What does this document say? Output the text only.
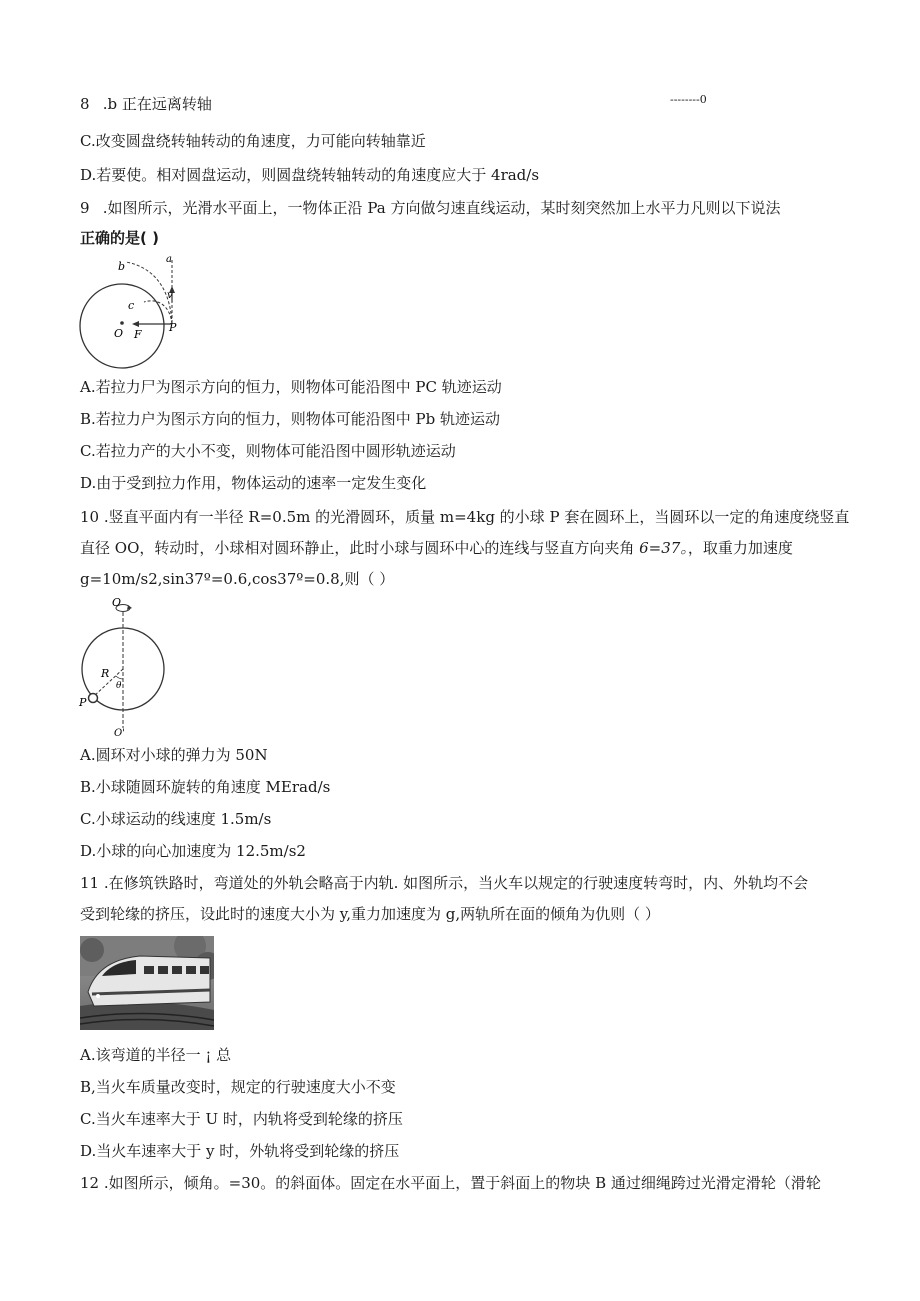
8 .b 正在远离转轴	--------0
C.改变圆盘绕转轴转动的角速度，力可能向转轴靠近
D.若要使。相对圆盘运动，则圆盘绕转轴转动的角速度应大于 4rad/s
9 .如图所示，光滑水平面上，一物体正沿 Pa 方向做匀速直线运动，某时刻突然加上水平力凡则以下说法
正确的是( )
b
a
v
c
O F
P
A.若拉力尸为图示方向的恒力，则物体可能沿图中 PC 轨迹运动
B.若拉力户为图示方向的恒力，则物体可能沿图中 Pb 轨迹运动
C.若拉力产的大小不变，则物体可能沿图中圆形轨迹运动
D.由于受到拉力作用，物体运动的速率一定发生变化
10 .竖直平面内有一半径 R=0.5m 的光滑圆环，质量 m=4kg 的小球 P 套在圆环上，当圆环以一定的角速度绕竖直
直径 OO，转动时，小球相对圆环静止，此时小球与圆环中心的连线与竖直方向夹角 6=37。，取重力加速度
g=10m∕s2,sin37º=0.6,cos37º=0.8,则（ ）
O
R
θ
P
O'
A.圆环对小球的弹力为 50N
B.小球随圆环旋转的角速度 MErad/s
C.小球运动的线速度 1.5m/s
D.小球的向心加速度为 12.5m∕s2
11 .在修筑铁路时，弯道处的外轨会略高于内轨. 如图所示，当火车以规定的行驶速度转弯时，内、外轨均不会
受到轮缘的挤压，设此时的速度大小为 y,重力加速度为 g,两轨所在面的倾角为仇则（ ）
A.该弯道的半径一 ¡ 总
B,当火车质量改变时，规定的行驶速度大小不变
C.当火车速率大于 U 时，内轨将受到轮缘的挤压
D.当火车速率大于 y 时，外轨将受到轮缘的挤压
12 .如图所示，倾角。=30。的斜面体。固定在水平面上，置于斜面上的物块 B 通过细绳跨过光滑定滑轮（滑轮
